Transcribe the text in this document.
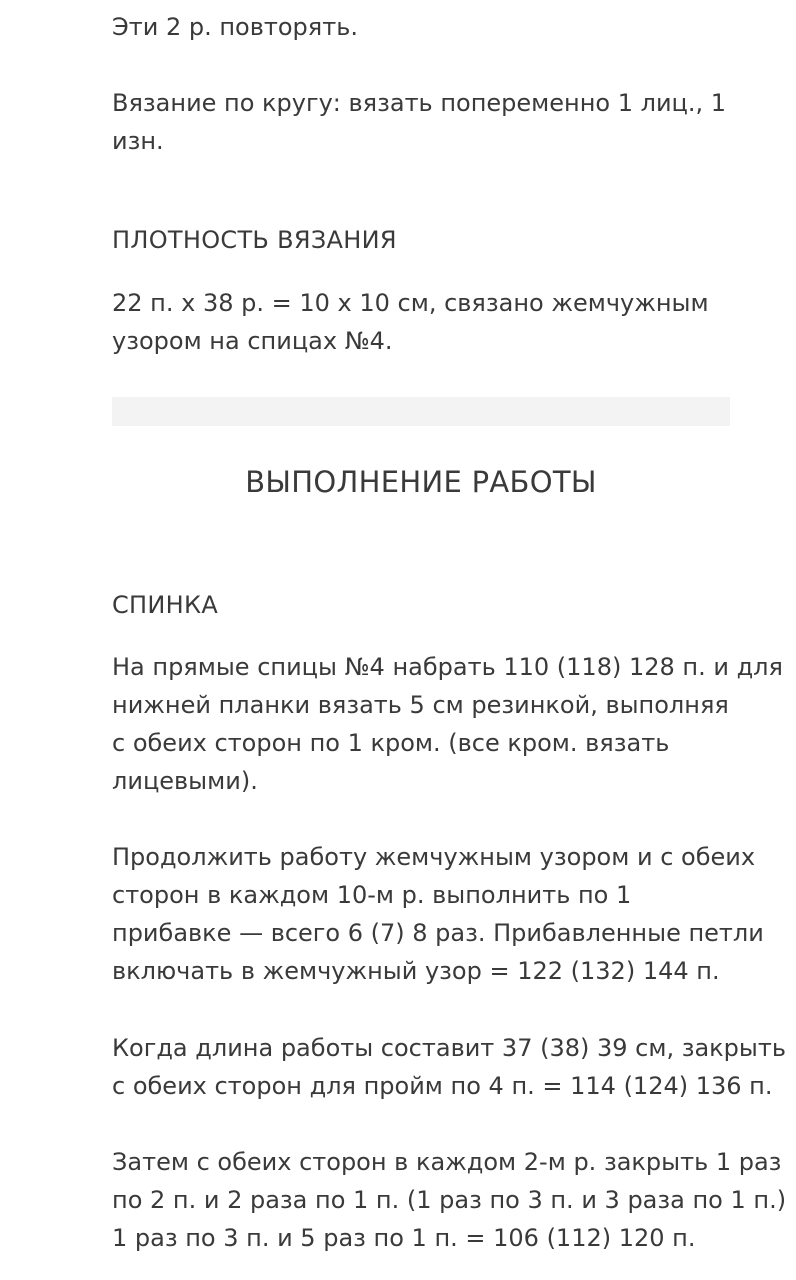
Эти 2 р. повторять.
Вязание по кругу: вязать попеременно 1 лиц., 1
изн.
ПЛОТНОСТЬ ВЯЗАНИЯ
22 п. х 38 р. = 10 х 10 см, связано жемчужным
узором на спицах №4.
ВЫПОЛНЕНИЕ РАБОТЫ
СПИНКА
На прямые спицы №4 набрать 110 (118) 128 п. и для
нижней планки вязать 5 см резинкой, выполняя
с обеих сторон по 1 кром. (все кром. вязать
лицевыми).
Продолжить работу жемчужным узором и с обеих
сторон в каждом 10-м р. выполнить по 1
прибавке — всего 6 (7) 8 раз. Прибавленные петли
включать в жемчужный узор = 122 (132) 144 п.
Когда длина работы составит 37 (38) 39 см, закрыть
с обеих сторон для пройм по 4 п. = 114 (124) 136 п.
Затем с обеих сторон в каждом 2-м р. закрыть 1 раз
по 2 п. и 2 раза по 1 п. (1 раз по 3 п. и 3 раза по 1 п.)
1 раз по 3 п. и 5 раз по 1 п. = 106 (112) 120 п.
